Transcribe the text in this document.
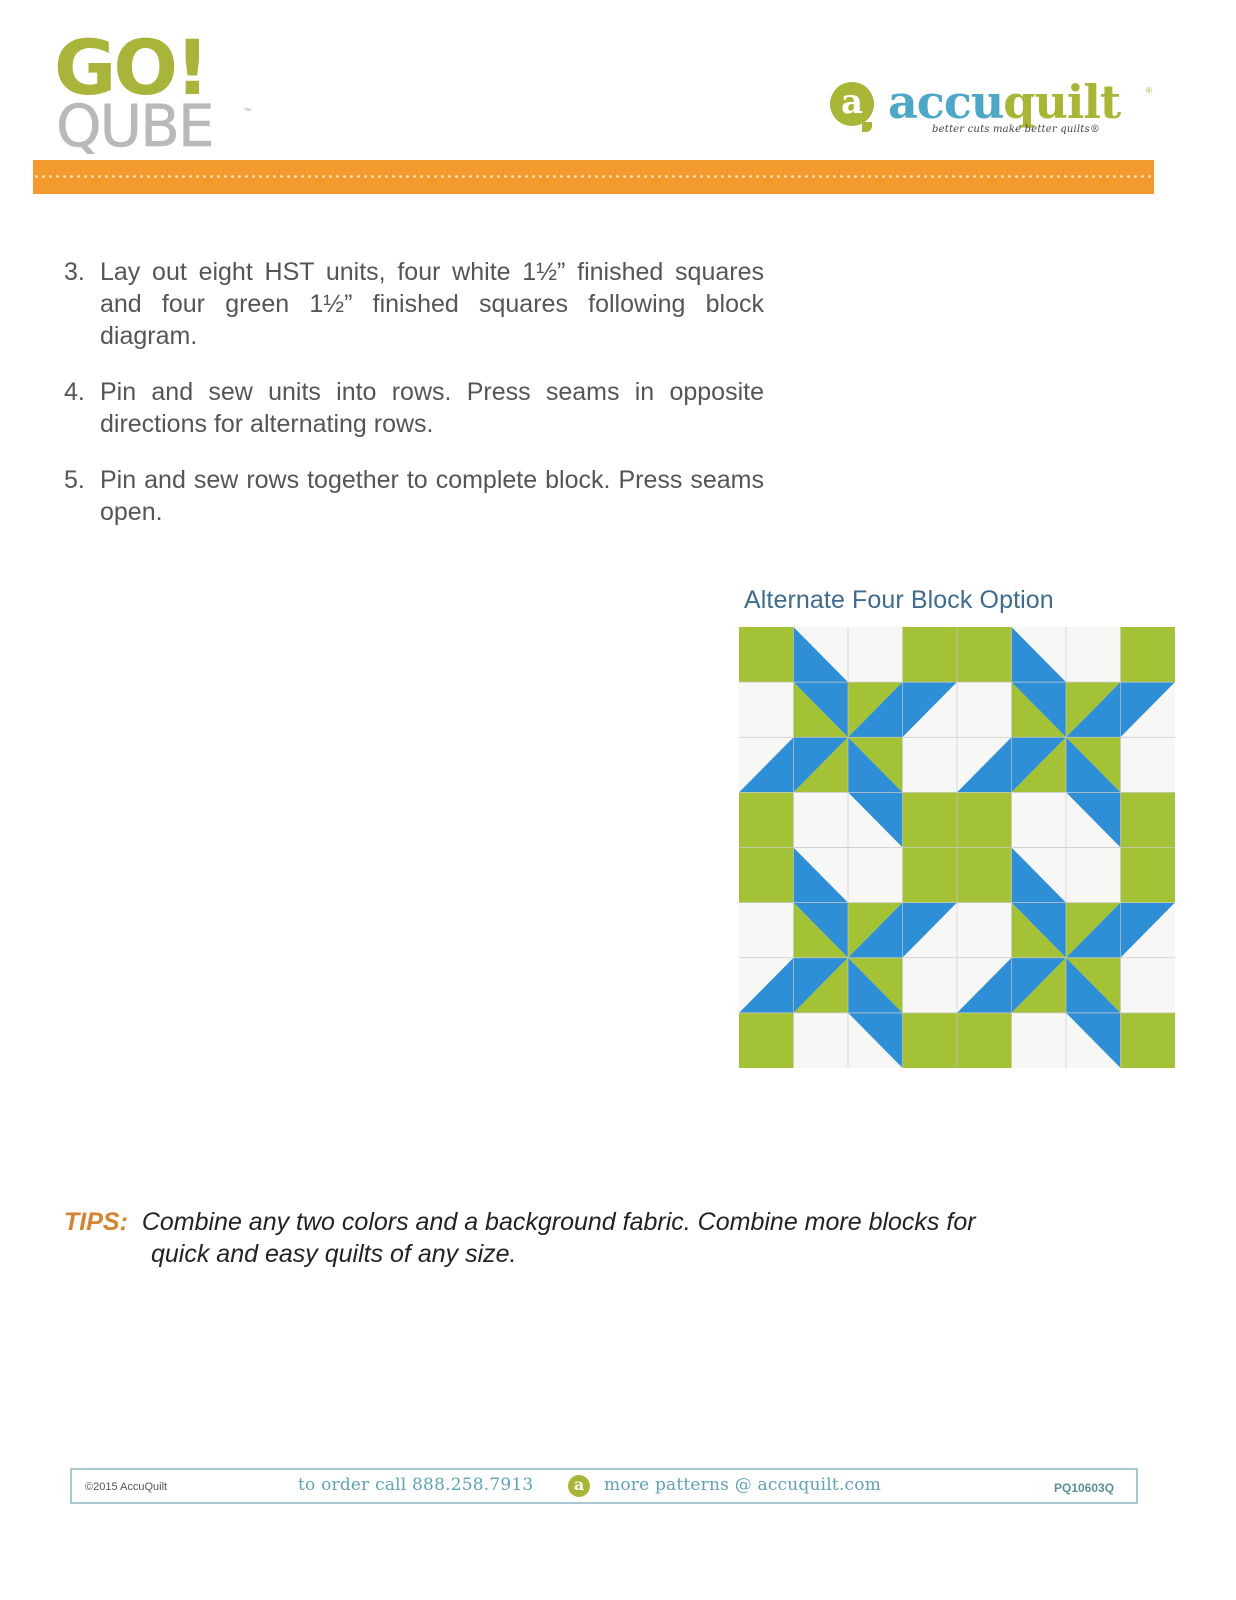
GO!
QUBE	™	a accuquilt	®
better cuts make better quilts®
3. Lay out eight HST units, four white 1½” finished squares and four green 1½” finished squares following block diagram.
4. Pin and sew units into rows. Press seams in opposite directions for alternating rows.
5. Pin and sew rows together to complete block. Press seams open.
Alternate Four Block Option
TIPS: Combine any two colors and a background fabric. Combine more blocks for
quick and easy quilts of any size.
©2015 AccuQuilt	to order call 888.258.7913	a	more patterns @ accuquilt.com	PQ10603Q
